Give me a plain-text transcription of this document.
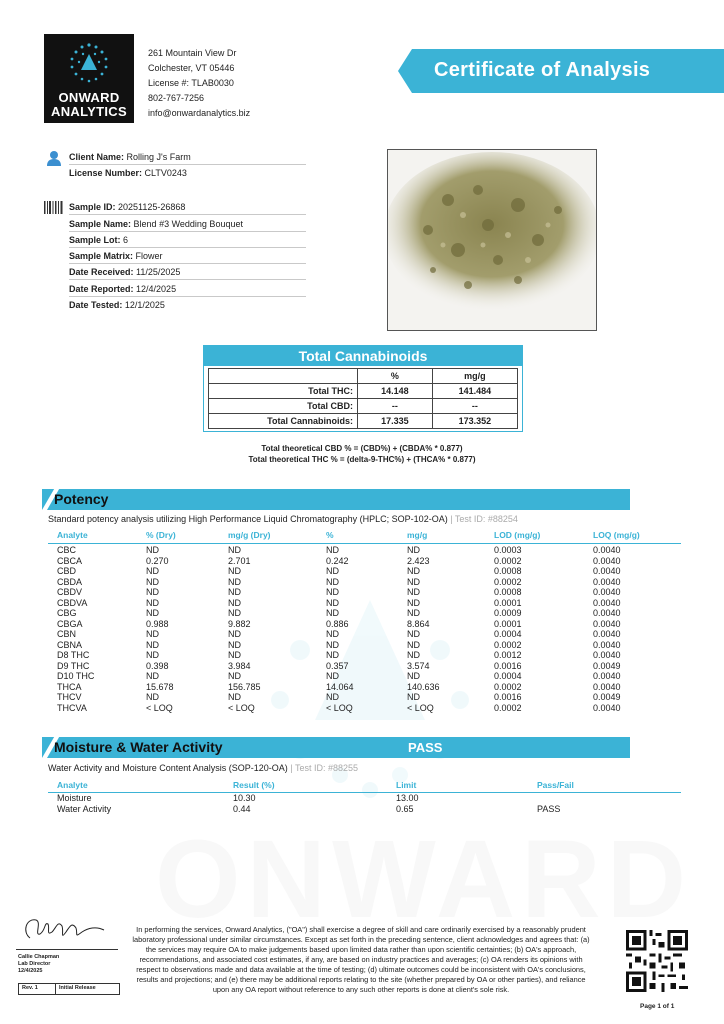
ONWARD
ANALYTICS
261 Mountain View Dr
Colchester, VT 05446
License #: TLAB0030
802-767-7256
info@onwardanalytics.biz
Certificate of Analysis
Client Name: Rolling J's Farm
License Number: CLTV0243
Sample ID: 20251125-26868
Sample Name: Blend #3 Wedding Bouquet
Sample Lot: 6
Sample Matrix: Flower
Date Received: 11/25/2025
Date Reported: 12/4/2025
Date Tested: 12/1/2025
Total Cannabinoids
	%	mg/g
Total THC:	14.148	141.484
Total CBD:	--	--
Total Cannabinoids:	17.335	173.352
Total theoretical CBD % = (CBD%) + (CBDA% * 0.877)
Total theoretical THC % = (delta-9-THC%) + (THCA% * 0.877)
Potency
Standard potency analysis utilizing High Performance Liquid Chromatography (HPLC; SOP-102-OA) | Test ID: #88254
Analyte	% (Dry)	mg/g (Dry)	%	mg/g	LOD (mg/g)	LOQ (mg/g)
CBC	ND	ND	ND	ND	0.0003	0.0040
CBCA	0.270	2.701	0.242	2.423	0.0002	0.0040
CBD	ND	ND	ND	ND	0.0008	0.0040
CBDA	ND	ND	ND	ND	0.0002	0.0040
CBDV	ND	ND	ND	ND	0.0008	0.0040
CBDVA	ND	ND	ND	ND	0.0001	0.0040
CBG	ND	ND	ND	ND	0.0009	0.0040
CBGA	0.988	9.882	0.886	8.864	0.0001	0.0040
CBN	ND	ND	ND	ND	0.0004	0.0040
CBNA	ND	ND	ND	ND	0.0002	0.0040
D8 THC	ND	ND	ND	ND	0.0012	0.0040
D9 THC	0.398	3.984	0.357	3.574	0.0016	0.0049
D10 THC	ND	ND	ND	ND	0.0004	0.0040
THCA	15.678	156.785	14.064	140.636	0.0002	0.0040
THCV	ND	ND	ND	ND	0.0016	0.0049
THCVA	< LOQ	< LOQ	< LOQ	< LOQ	0.0002	0.0040
Moisture & Water Activity	PASS
Water Activity and Moisture Content Analysis (SOP-120-OA) | Test ID: #88255
Analyte	Result (%)	Limit	Pass/Fail
Moisture	10.30	13.00
Water Activity	0.44	0.65	PASS
Callie Chapman
Lab Director
12/4/2025
Rev. 1	Initial Release
In performing the services, Onward Analytics, ("OA") shall exercise a degree of skill and care ordinarily exercised by a reasonably prudent laboratory professional under similar circumstances. Except as set forth in the preceding sentence, client acknowledges and agrees that: (a) the services may require OA to make judgements based upon limited data rather than upon scientific certainties; (b) OA's approach, recommendations, and associated cost estimates, if any, are based on industry practices and averages; (c) OA renders its opinions with respect to observations made and data available at the time of testing; (d) ultimate outcomes could be inconsistent with OA's conclusions, results and projections; and (e) there may be additional reports relating to the site (whether prepared by OA or other parties), and reliance upon any OA report without reference to any such other reports is done at client's sole risk.
Page 1 of 1
